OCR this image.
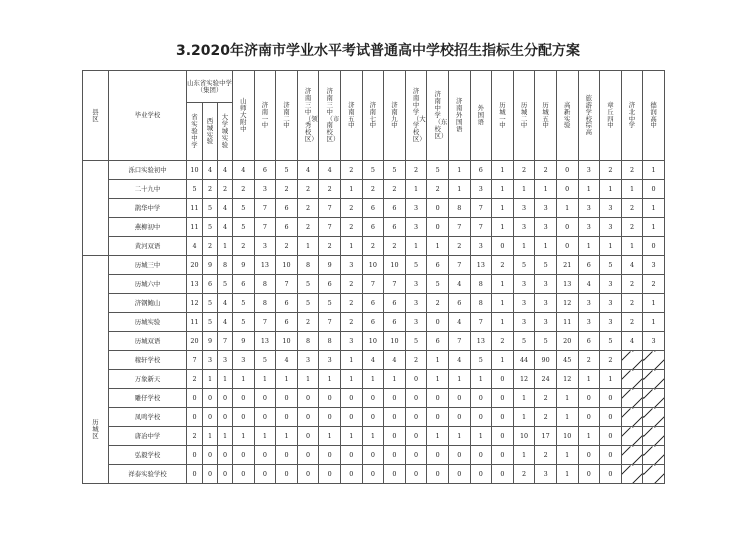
3.2020年济南市学业水平考试普通高中学校招生指标生分配方案
县区	毕业学校	山东省实验中学（集团）			山师大附中	济南一中	济南二中	济南三中（领秀校区）	济南三中（市南校区）	济南五中	济南七中	济南九中	济南中学（大学校区）	济南中学（东校区）	济南外国语	外国语	历城一中	历城二中	历城五中	高新实验	旅游学校综高	章丘四中	济北中学	德润高中	
		省实验中学	西城实验	大学城实验																					
	泺口实验初中	10	4	4	4	6	5	4	4	2	5	5	2	5	1	6	1	2	2	0	3	2	2	1	
	二十九中	5	2	2	2	3	2	2	2	1	2	2	1	2	1	3	1	1	1	0	1	1	1	0	
	鹊华中学	11	5	4	5	7	6	2	7	2	6	6	3	0	8	7	1	3	3	1	3	3	2	1	
	燕柳初中	11	5	4	5	7	6	2	7	2	6	6	3	0	7	7	1	3	3	0	3	3	2	1	
	黄河双语	4	2	1	2	3	2	1	2	1	2	2	1	1	2	3	0	1	1	0	1	1	1	0	
历城区	历城三中	20	9	8	9	13	10	8	9	3	10	10	5	6	7	13	2	5	5	21	6	5	4	3	
	历城六中	13	6	5	6	8	7	5	6	2	7	7	3	5	4	8	1	3	3	13	4	3	2	2	
	济钢鲍山	12	5	4	5	8	6	5	5	2	6	6	3	2	6	8	1	3	3	12	3	3	2	1	
	历城实验	11	5	4	5	7	6	2	7	2	6	6	3	0	4	7	1	3	3	11	3	3	2	1	
	历城双语	20	9	7	9	13	10	8	8	3	10	10	5	6	7	13	2	5	5	20	6	5	4	3	
	稼轩学校	7	3	3	3	5	4	3	3	1	4	4	2	1	4	5	1	44	90	45	2	2			
	万象新天	2	1	1	1	1	1	1	1	1	1	1	0	1	1	1	0	12	24	12	1	1			
	雕仔学校	0	0	0	0	0	0	0	0	0	0	0	0	0	0	0	0	1	2	1	0	0			
	凤鸣学校	0	0	0	0	0	0	0	0	0	0	0	0	0	0	0	0	1	2	1	0	0			
	唐冶中学	2	1	1	1	1	1	0	1	1	1	0	0	1	1	1	0	10	17	10	1	0			
	弘毅学校	0	0	0	0	0	0	0	0	0	0	0	0	0	0	0	0	1	2	1	0	0			
	祥泰实验学校	0	0	0	0	0	0	0	0	0	0	0	0	0	0	0	0	2	3	1	0	0			
